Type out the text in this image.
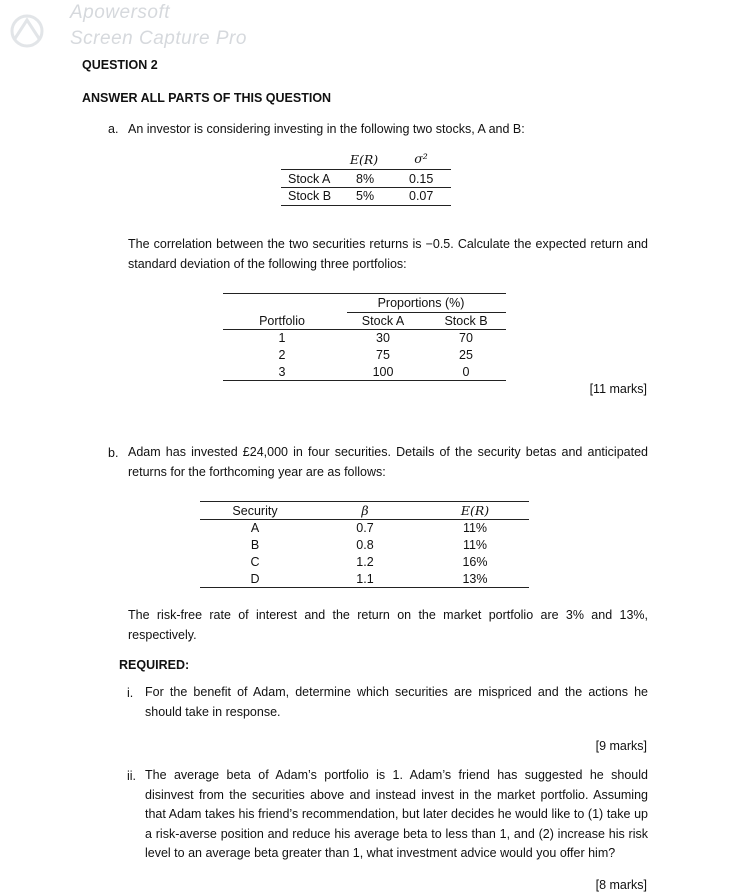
Apowersoft
Screen Capture Pro
QUESTION 2
ANSWER ALL PARTS OF THIS QUESTION
a. An investor is considering investing in the following two stocks, A and B:
E(R)	σ²
Stock A 8%	0.15
Stock B 5%	0.07
The correlation between the two securities returns is −0.5. Calculate the expected return and standard deviation of the following three portfolios:
Proportions (%)
Portfolio	Stock A	Stock B
1	30	70
2	75	25
3	100	0
[11 marks]
b. Adam has invested £24,000 in four securities. Details of the security betas and anticipated returns for the forthcoming year are as follows:
Security	β	E(R)
A	0.7	11%
B	0.8	11%
C	1.2	16%
D	1.1	13%
The risk-free rate of interest and the return on the market portfolio are 3% and 13%, respectively.
REQUIRED:
i. For the benefit of Adam, determine which securities are mispriced and the actions he should take in response.
[9 marks]
ii. The average beta of Adam’s portfolio is 1. Adam’s friend has suggested he should disinvest from the securities above and instead invest in the market portfolio. Assuming that Adam takes his friend’s recommendation, but later decides he would like to (1) take up a risk-averse position and reduce his average beta to less than 1, and (2) increase his risk level to an average beta greater than 1, what investment advice would you offer him?
[8 marks]
